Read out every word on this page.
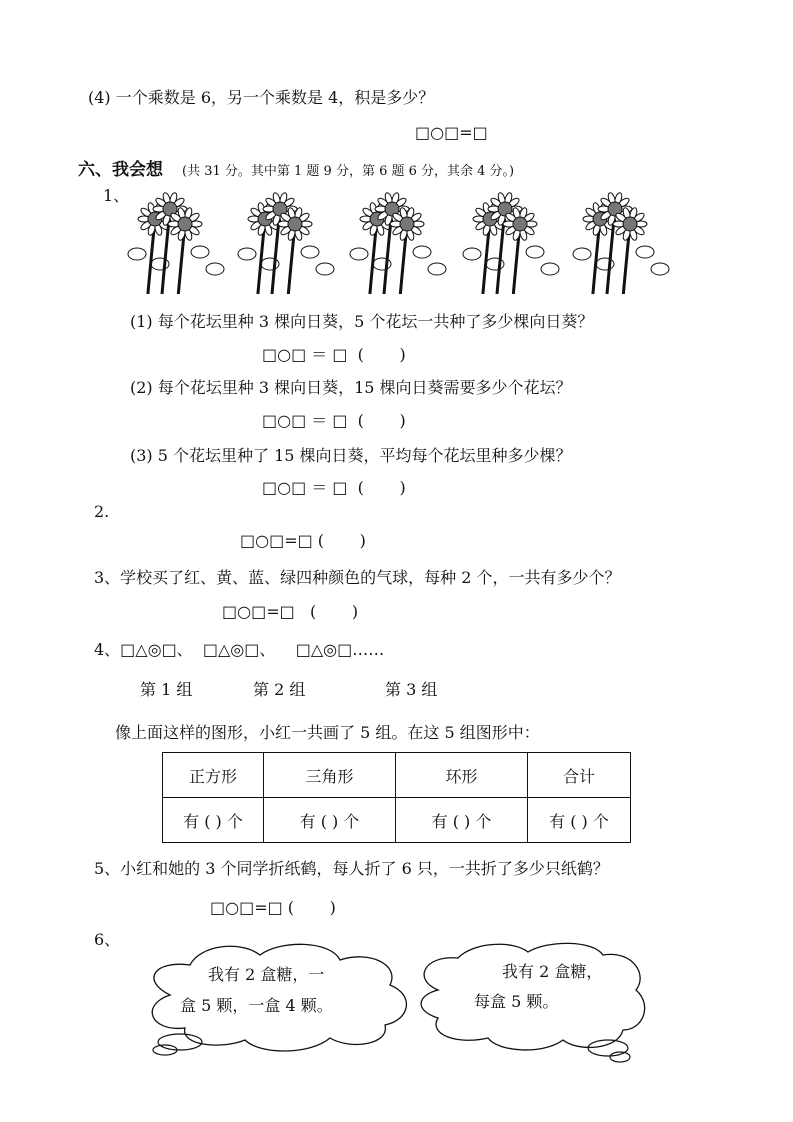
(4) 一个乘数是 6，另一个乘数是 4，积是多少？
□○□=□
六、我会想 (共 31 分。其中第 1 题 9 分，第 6 题 6 分，其余 4 分。)
1、
(1) 每个花坛里种 3 棵向日葵，5 个花坛一共种了多少棵向日葵？
□○□ ＝ □  (       )
(2) 每个花坛里种 3 棵向日葵，15 棵向日葵需要多少个花坛？
□○□ ＝ □  (       )
(3) 5 个花坛里种了 15 棵向日葵，平均每个花坛里种多少棵？
□○□ ＝ □  (       )
2.
□○□=□ (       )
3、学校买了红、黄、蓝、绿四种颜色的气球，每种 2 个，一共有多少个？
□○□=□   (       )
4、□△◎□、  □△◎□、    □△◎□……
第 1 组	第 2 组	第 3 组
像上面这样的图形，小红一共画了 5 组。在这 5 组图形中：
正方形	三角形	环形	合计
有 ( ) 个	有 ( ) 个	有 ( ) 个	有 ( ) 个
5、小红和她的 3 个同学折纸鹤，每人折了 6 只，一共折了多少只纸鹤？
□○□=□ (       )
6、
我有 2 盒糖，一
盒 5 颗，一盒 4 颗。
我有 2 盒糖，
每盒 5 颗。
